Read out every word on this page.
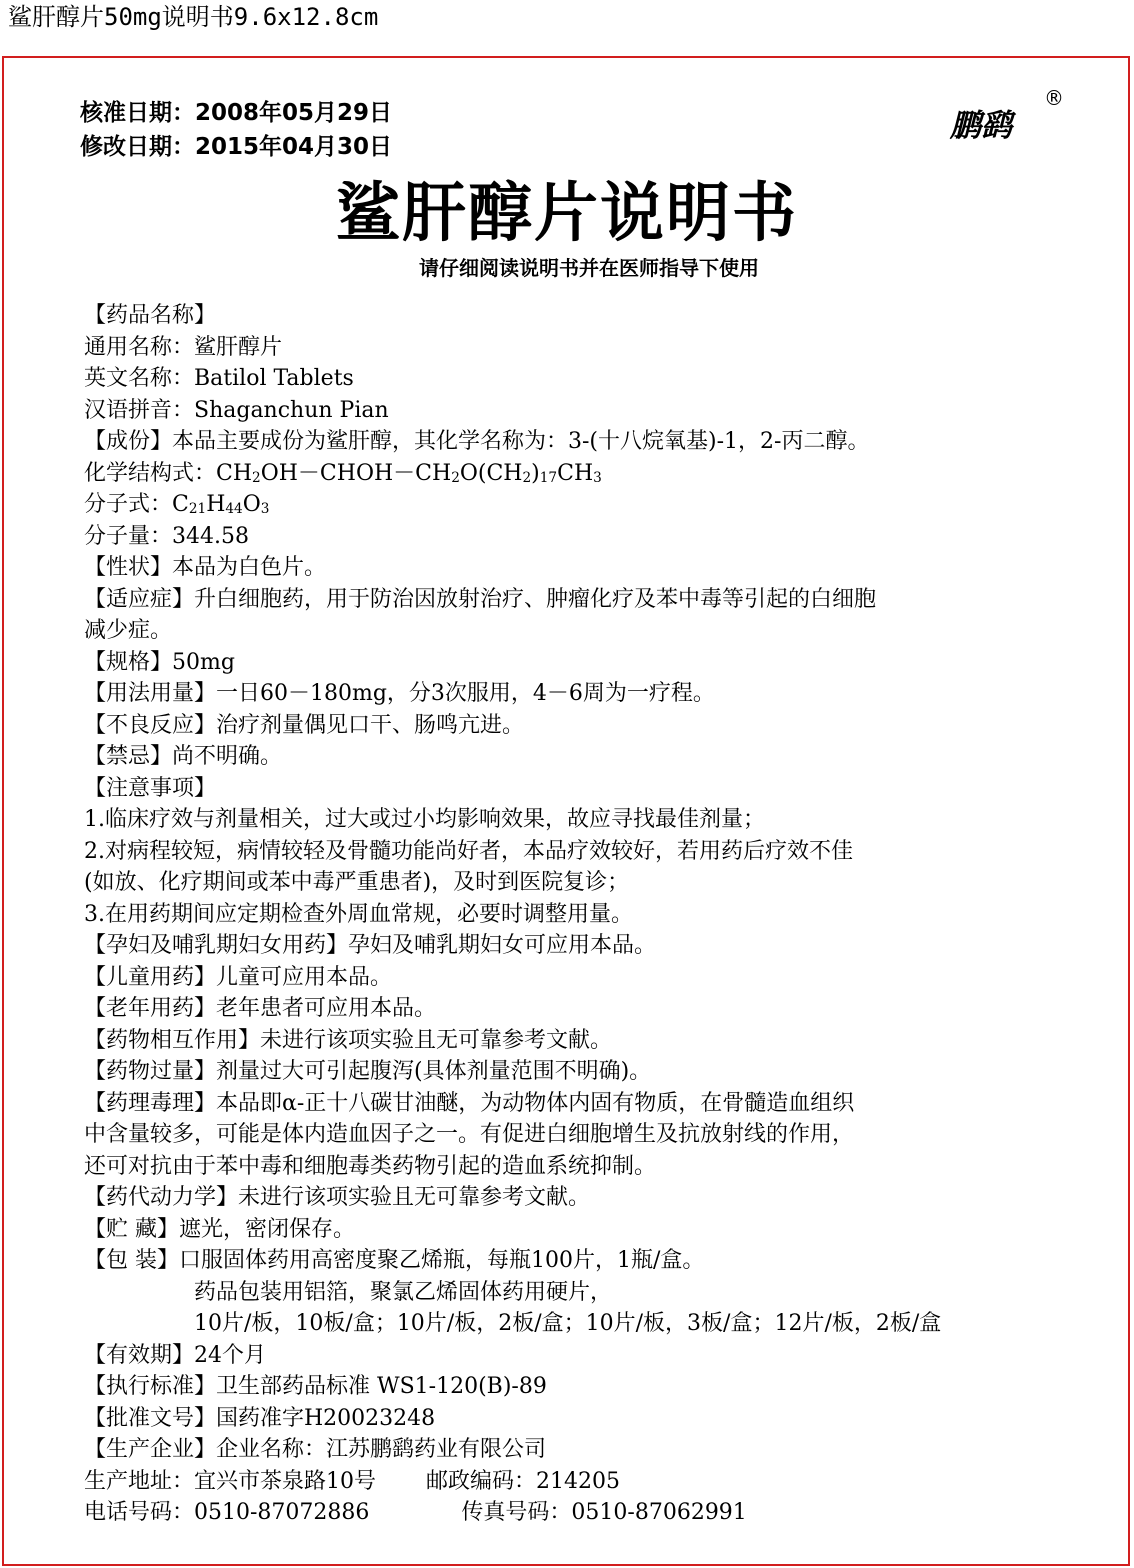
鲨肝醇片50mg说明书9.6x12.8cm
核准日期：2008年05月29日
修改日期：2015年04月30日
鹏鹞
®
鲨肝醇片说明书
请仔细阅读说明书并在医师指导下使用
【药品名称】
通用名称：鲨肝醇片
英文名称：Batilol Tablets
汉语拼音：Shaganchun Pian
【成份】本品主要成份为鲨肝醇，其化学名称为：3-(十八烷氧基)-1，2-丙二醇。
化学结构式：$CH_2OH-CHOH-CH_2O(CH_2)_{17}CH_3$
分子式：$C_{21}H_{44}O_3$
分子量：344.58
【性状】本品为白色片。
【适应症】升白细胞药，用于防治因放射治疗、肿瘤化疗及苯中毒等引起的白细胞
减少症。
【规格】50mg
【用法用量】一日60－180mg，分3次服用，4－6周为一疗程。
【不良反应】治疗剂量偶见口干、肠鸣亢进。
【禁忌】尚不明确。
【注意事项】
1.临床疗效与剂量相关，过大或过小均影响效果，故应寻找最佳剂量；
2.对病程较短，病情较轻及骨髓功能尚好者，本品疗效较好，若用药后疗效不佳
(如放、化疗期间或苯中毒严重患者)，及时到医院复诊；
3.在用药期间应定期检查外周血常规，必要时调整用量。
【孕妇及哺乳期妇女用药】孕妇及哺乳期妇女可应用本品。
【儿童用药】儿童可应用本品。
【老年用药】老年患者可应用本品。
【药物相互作用】未进行该项实验且无可靠参考文献。
【药物过量】剂量过大可引起腹泻(具体剂量范围不明确)。
【药理毒理】本品即α-正十八碳甘油醚，为动物体内固有物质，在骨髓造血组织
中含量较多，可能是体内造血因子之一。有促进白细胞增生及抗放射线的作用，
还可对抗由于苯中毒和细胞毒类药物引起的造血系统抑制。
【药代动力学】未进行该项实验且无可靠参考文献。
【贮 藏】遮光，密闭保存。
【包 装】口服固体药用高密度聚乙烯瓶，每瓶100片，1瓶/盒。
药品包装用铝箔，聚氯乙烯固体药用硬片，
10片/板，10板/盒；10片/板，2板/盒；10片/板，3板/盒；12片/板，2板/盒
【有效期】24个月
【执行标准】卫生部药品标准 WS1-120(B)-89
【批准文号】国药准字H20023248
【生产企业】企业名称：江苏鹏鹞药业有限公司
生产地址：宜兴市茶泉路10号 邮政编码：214205
电话号码：0510-87072886	传真号码：0510-87062991
